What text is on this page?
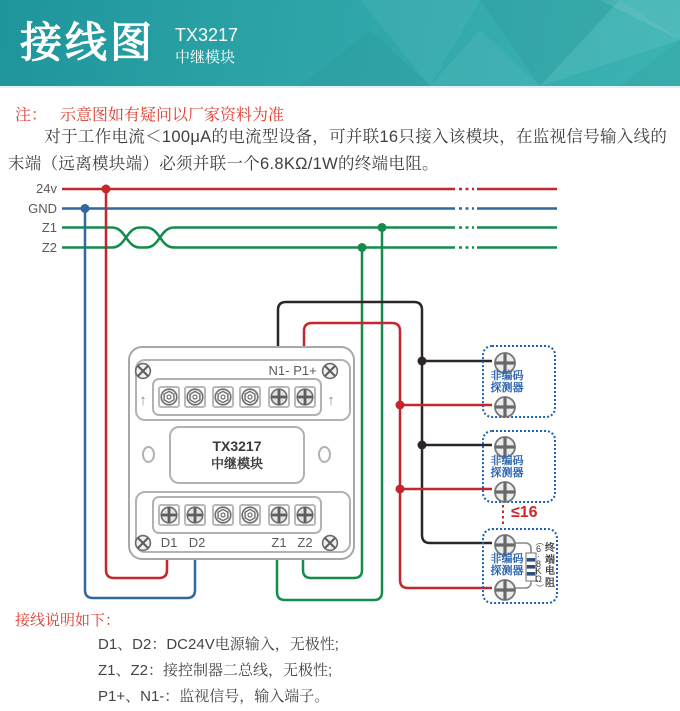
接线图 TX3217
中继模块
注： 示意图如有疑问以厂家资料为准
对于工作电流＜100μA的电流型设备，可并联16只接入该模块，在监视信号输入线的末端（远离模块端）必须并联一个6.8KΩ/1W的终端电阻。
24v
GND
Z1
Z2
N1- P1+
↑	↑
TX3217
中继模块
D1 D2	Z1 Z2
非编码
探测器
非编码
探测器
≤16
非编码
探测器
（
6
·
8
K
Ω
）
终
端
电
阻
接线说明如下：
D1、D2：DC24V电源输入，无极性;
Z1、Z2：接控制器二总线，无极性;
P1+、N1-：监视信号，输入端子。
